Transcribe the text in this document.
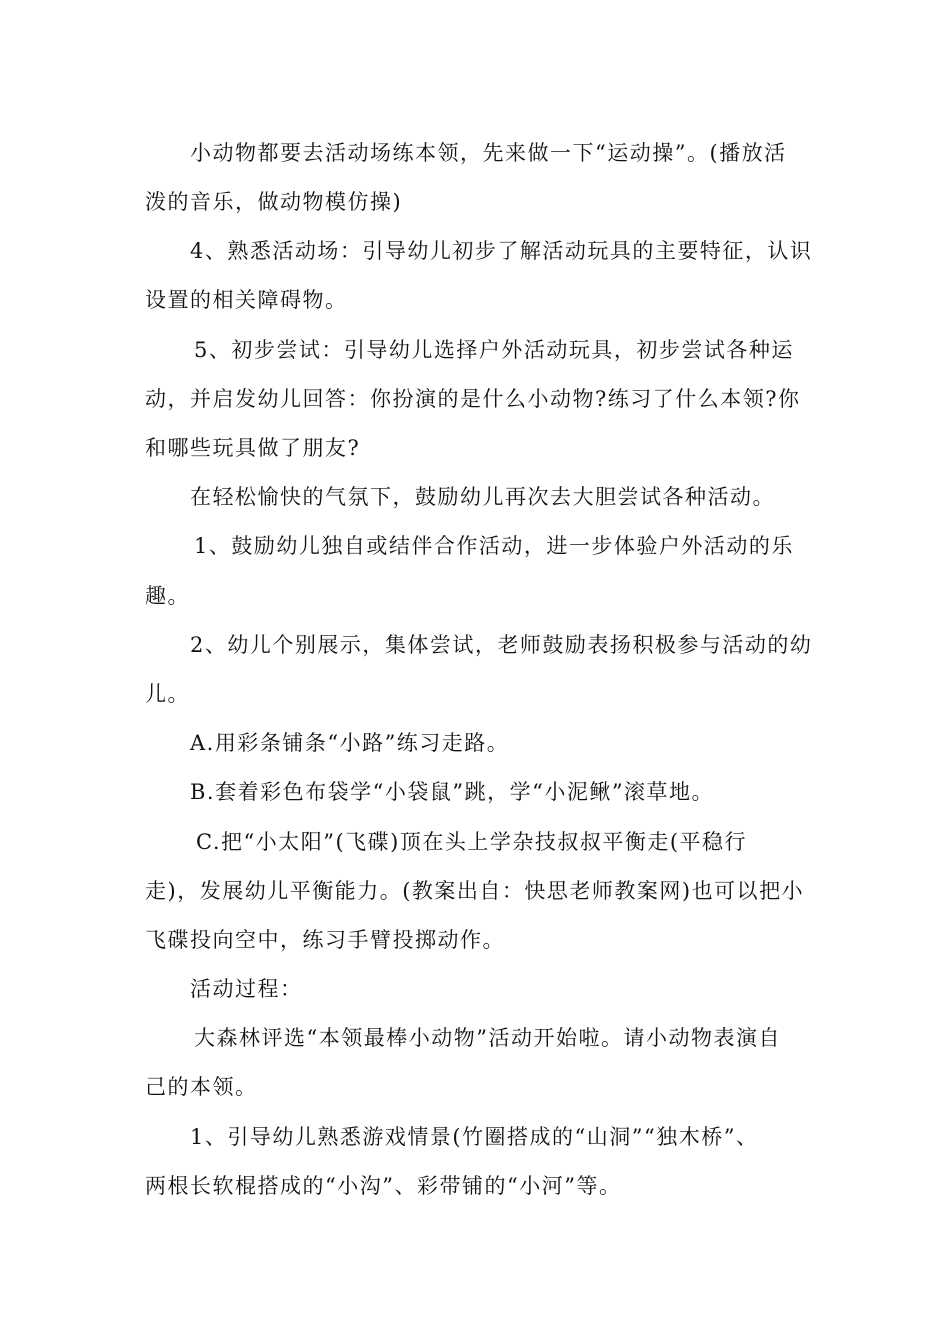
小动物都要去活动场练本领，先来做一下“运动操”。(播放活
泼的音乐，做动物模仿操)
4、熟悉活动场：引导幼儿初步了解活动玩具的主要特征，认识
设置的相关障碍物。
5、初步尝试：引导幼儿选择户外活动玩具，初步尝试各种运
动，并启发幼儿回答：你扮演的是什么小动物?练习了什么本领?你
和哪些玩具做了朋友?
在轻松愉快的气氛下，鼓励幼儿再次去大胆尝试各种活动。
1、鼓励幼儿独自或结伴合作活动，进一步体验户外活动的乐
趣。
2、幼儿个别展示，集体尝试，老师鼓励表扬积极参与活动的幼
儿。
A.用彩条铺条“小路”练习走路。
B.套着彩色布袋学“小袋鼠”跳，学“小泥鳅”滚草地。
C.把“小太阳”(飞碟)顶在头上学杂技叔叔平衡走(平稳行
走)，发展幼儿平衡能力。(教案出自：快思老师教案网)也可以把小
飞碟投向空中，练习手臂投掷动作。
活动过程：
大森林评选“本领最棒小动物”活动开始啦。请小动物表演自
己的本领。
1、引导幼儿熟悉游戏情景(竹圈搭成的“山洞”“独木桥”、
两根长软棍搭成的“小沟”、彩带铺的“小河”等。
